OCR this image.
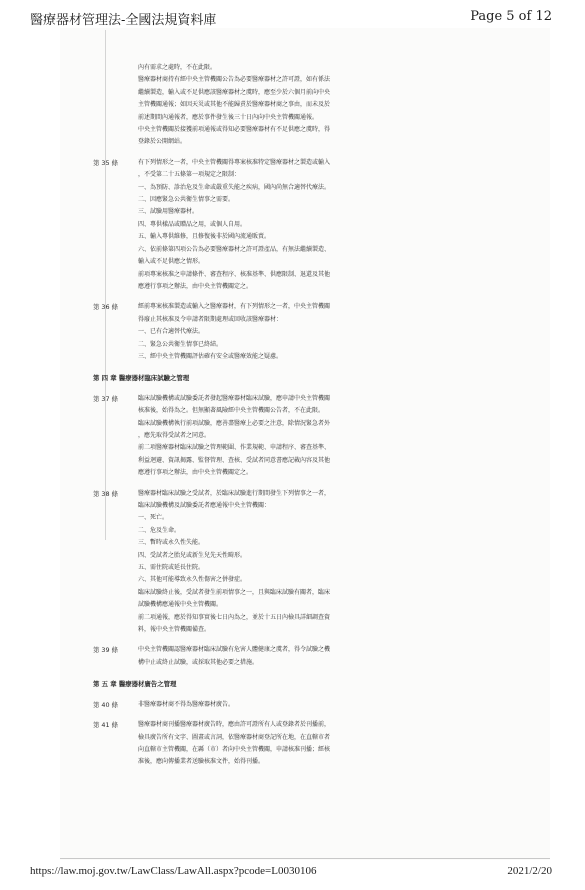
醫療器材管理法-全國法規資料庫	Page 5 of 12
內有需求之處時，不在此限。
醫療器材商持有經中央主管機關公告為必要醫療器材之許可證，如有係法
繼續製造，輸入或不足供應該醫療器材之虞時，應至少於六個月前向中央
主管機關通報；如因天災或其他不能歸責於醫療器材商之事由，而未及於
前述期間內通報者，應於事件發生後三十日內向中央主管機關通報。
中央主管機關於接獲前項通報或得知必要醫療器材有不足供應之虞時，得
登錄於公開網站。
第 35 條	有下列情形之一者，中央主管機關得專案核准特定醫療器材之製造或輸入
，不受第二十五條第一項規定之限制：
一、為預防、診治危及生命或嚴重失能之疾病，國內尚無合適替代療法。
二、因應緊急公共衛生情事之需要。
三、試驗用醫療器材。
四、專供樣品或贈品之用，或個人自用。
五、輸入專供維修，且修復後非於國內流通販賣。
六、依前條第四項公告為必要醫療器材之許可證產品，有無法繼續製造、
輸入或不足供應之情形。
前項專案核准之申請條件、審查程序、核准基準、供應限制、退還及其他
應遵行事項之辦法，由中央主管機關定之。
第 36 條	經前專案核准製造或輸入之醫療器材，有下列情形之一者，中央主管機關
得廢止其核准及令申請者限期處理或回收該醫療器材：
一、已有合適替代療法。
二、緊急公共衛生情事已終結。
三、經中央主管機關評估確有安全或醫療效能之疑慮。
第 四 章 醫療器材臨床試驗之管理
第 37 條	臨床試驗機構或試驗委託者發起醫療器材臨床試驗，應申請中央主管機關
核准後，始得為之。但無顯著風險經中央主管機關公告者，不在此限。
臨床試驗機構執行前項試驗，應善盡醫療上必要之注意，除情況緊急者外
，應先取得受試者之同意。
前二項醫療器材臨床試驗之管理範圍、作業規範、申請程序、審查基準、
利益迴避、資訊揭露、監督管理、查核、受試者同意書應記載內容及其他
應遵行事項之辦法，由中央主管機關定之。
第 38 條	醫療器材臨床試驗之受試者，於臨床試驗進行期間發生下列情事之一者，
臨床試驗機構及試驗委託者應通報中央主管機關：
一、死亡。
二、危及生命。
三、暫時或永久性失能。
四、受試者之胎兒或新生兒先天性畸形。
五、需住院或延長住院。
六、其他可能導致永久性傷害之併發症。
臨床試驗終止後，受試者發生前項情事之一，且與臨床試驗有關者，臨床
試驗機構應通報中央主管機關。
前二項通報，應於得知事實後七日內為之，並於十五日內檢具詳細調查資
料，報中央主管機關備查。
第 39 條	中央主管機關認醫療器材臨床試驗有危害人體健康之虞者，得令試驗之機
構中止或終止試驗，或採取其他必要之措施。
第 五 章 醫療器材廣告之管理
第 40 條	非醫療器材商不得為醫療器材廣告。
第 41 條	醫療器材商刊播醫療器材廣告時，應由許可證所有人或登錄者於刊播前，
檢具廣告所有文字、圖畫或言詞，依醫療器材商登記所在地，在直轄市者
向直轄市主管機關，在縣（市）者向中央主管機關，申請核准刊播；經核
准後，應向傳播業者送驗核准文件，始得刊播。
https://law.moj.gov.tw/LawClass/LawAll.aspx?pcode=L0030106	2021/2/20
